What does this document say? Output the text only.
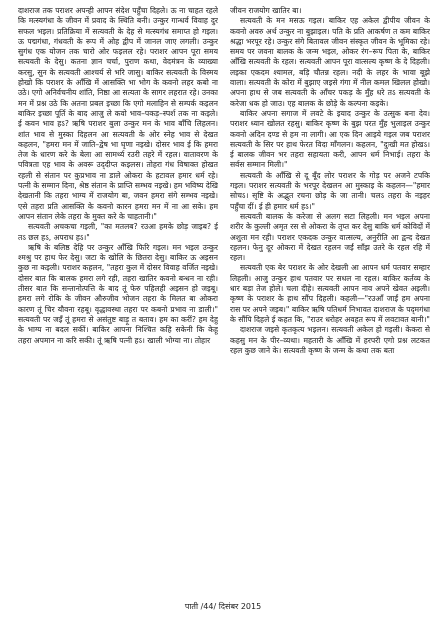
दाशराज तक पराशर अपन्ही आपन संदेश पहुँचा दिहले। ऊ ना चाहत रहले कि मत्स्यगंधा के जीवन में प्रवाद के स्थिति बनी। उन्कुर गान्धर्व विवाह दुर सफल भइल। प्रतिक्रिया में सत्यवती के देह से मत्स्यगंध समाप्त हो गइल। ऊ पद्मगंधा, गंधवती के रूप में ओह द्वीप में जानल जाए लगली। उन्कुर सुगंध एक योजन तक चारो ओर फइलल रहे। पराशर आपन पूरा समय सत्यवती के देसु। कतना ज्ञान चर्चा, पुराण कथा, वेदमंत्रन के व्याख्या करसु, सुन के सत्यवती आश्चर्य से भरि जासु। बाकिर सत्यवती के विस्मय होखो कि पराशर के आँखि में आसक्ति भा भोग के कवनो लहर कबो ना उठे। एगो अनिर्वचनीय शांति, निष्ठा आ सत्यता के सागर लहरात रहे। उनका मन में प्रश्न उठे कि अतना प्रबल इच्छा कि एगो मलाहिन से सम्पर्क कइलन बाकिर इच्छा पूर्ति के बाद आजु ले कवो भाव–पकड़–स्पर्श तक ना कइले। ई कवन भाव हऽ? ऋषि पराशर बुला उन्कुर मन के भाव बाँचि लिहलन। शांत भाव से मुस्का दिहलन आ सत्यवती के ओर स्नेह भाव से देखत कहलन, "हमरा मन में जाति–द्वेष भा घृणा नइखे। दोसर भाव ई कि हमरा तेज के धारण करे के बेला आ सामर्थ्य रउरी तहरे में रहल। वातावरण के पवित्रता एह भाव के अवरू उद्‌दीप्त कइलस। तोहरा गंध विषाक्त होखत रहली से संतान पर कुप्रभाव ना डाले ओकरा के हटावल हमार धर्म रहे। पत्नी के सम्मान दिना, श्रेष्ठ संतान के प्राप्ति सम्भव नइखे। हम भविष्य देखि देखतानी कि तहरा भाग्य में राजयोग बा, जवन हमरा संगे सम्भव नइखे। एसे तहरा प्रति आसक्ति के कवनो कारन हमरा मन में ना आ सके। हम आपन संतान लेके तहरा के मुक्त करे के चाहतानी।"

सत्यवती अचकचा गइली, "का मतलब? रउआ हमके छोड़ जाइब? ई तऽ छल हऽ, अपराध हऽ।"

ऋषि के बलिष्ठ देहि पर उन्कुर आँखि फिरि गइल। मन भइल उन्कुर श्मश्रु पर हाथ फेर देसु। जटा के खोलि के छितरा देसु। बाकिर ऊ अइसन कुछ ना कइली। पराशर कहलन, "तहरा कुल में दोसर विवाह वर्जित नइखे। दोसर बात कि बालक हमरा लगे रही, तहरा खातिर कवनो बन्धन ना रही। तीसर बात कि सन्तानोत्पत्ति के बाद तूं फेरु पहिलही अइसन हो जइबू। हमरा लगे रोकि के जीवन औरुजीव भोजन तहरा के मिलत बा ओकरा कारण तूं चिर यौवना रहबू। वृद्धावस्था तहरा पर कबनो प्रभाव ना डाली।" सत्यवती पर जइँ तूं हमरा से असंतुष्ट बाड़ू त बताव। हम का करीं? हम देहु के भाग्य ना बदल सकीं। बाकिर आपना निश्चित कहि सकेनी कि केहू तहरा अपमान ना करि सकी। तूं ऋषि पत्नी हऽ। खाली भोग्या ना। तोहार

जीवन राजयोग खातिर बा।

सत्यवती के मन मसऊ गइल। बाकिर एह अकेल द्वीपीय जीवन के कवनो अवरु अर्थ उन्कुर ना बुझाइल। पति के प्रति आकर्षण त कम बाकिर श्रद्धा भरपूर रहे। उन्कुर संगे बितावल जीवन संस्कृत जीवन के भूमिका रहे। समय पर जवना बालक के जन्म भइल, ओकर रंग–रूप पिता के, बाकिर आँखि सत्यवती के रहल। सत्यवती आपन पूरा वात्सल्य कृष्ण के दे दिहली। लइका एकदम श्यामल, बड़ि चौतन्न रहल। नदी के लहर के भावा बूझे वाला। सत्यवती के कोरा में बुझाए जइसे गंगा में नील कमल खिलल होखो। अपना हाथ से जब सत्यवती के आँचर पकड़ के मुँह धरे तऽ सत्यवती के करेजा धक हो जाउ। एह बालक के छोड़े के कल्पना कइके।

बाकिर अपना सगाज में लवटे के इयाद उन्कुर के उत्सुक बना देव। पराशर ध्यान खोलत रहसु। बाकिर कृष्ण के बुझ परत मुँह भुलाइल उन्कुर कवनो अदिन दण्ड से हम ना लागी। आ एक दिन आइये गइल जब पराशर सत्यवती के सिर पर हाथ फेरत विदा माँगलन। कहलन, "दुःखी मत होखऽ। ई बालक जीवन भर तहरा सहायता करी, आपन धर्म निभाई। तहरा के सर्वस सम्मान मिली।"

सत्यवती के आँखि से दू बूँद लोर पराशर के गोड़ पर अजने टपकि गइल। पराशर सत्यवती के भरपूर देखलन आ मुस्काइ के कहलन—"हमार सोचऽ। सृष्टि के अद्भुत रचना छोड़ के जा तानी। चलऽ तहरा के नइहर पहुँचा दीं। ई ही हमार धर्म हऽ।"

सत्यवती बालक के करेजा से अलग सटा लिहली। मन भइल अपना शरीर के कुल्ली अमृत रस से ओकरा के तृप्त कर देसु बाकि धर्म कोविदों में अशुता मन रही। पराशर एकदक उन्कुर वात्सल्य, अनुरीति आ द्वन्द देखत रहलन। फेनु दूर ओकरा में देखत रहलन जईं साँझ उतरे के रहल रहि में रहल।

सत्यवती एक बेर पराशर के ओर देखली आ आपन धर्म पतवार सम्हार लिहली। आजु उन्कुर हाथ पतवार पर सधल ना रहल। बाकिर कर्तव्य के धार बड़ा तेज होले। चला दीहे। सत्यवती आपन नाव अपने खेवत अइली। कृष्ण के पराशर के हाथ सौंप दिहली। कहली—"रउआँ जाईं हम अपना रास पर अपने जइब।" बाकिर ऋषि पतिधर्म निभावत दाशराज के पद्‌मगंधा के सौंपि दिहले ई कहत कि, "राउर धरोहर अवहत रूप में लवटावत बानी।"

दाशराज जइसे कृतकृत्य भइलन। सत्यवती अकेल हो गइली। केकरा से कहसु मन के पीर–व्यथा। महतारी के आँखि में हरपरी एगो प्रश्न लटकत रहल कुछ जाने के। सत्यवती कृष्ण के जन्म के कथा तक बता

पाती /44/ दिसंबर 2015
